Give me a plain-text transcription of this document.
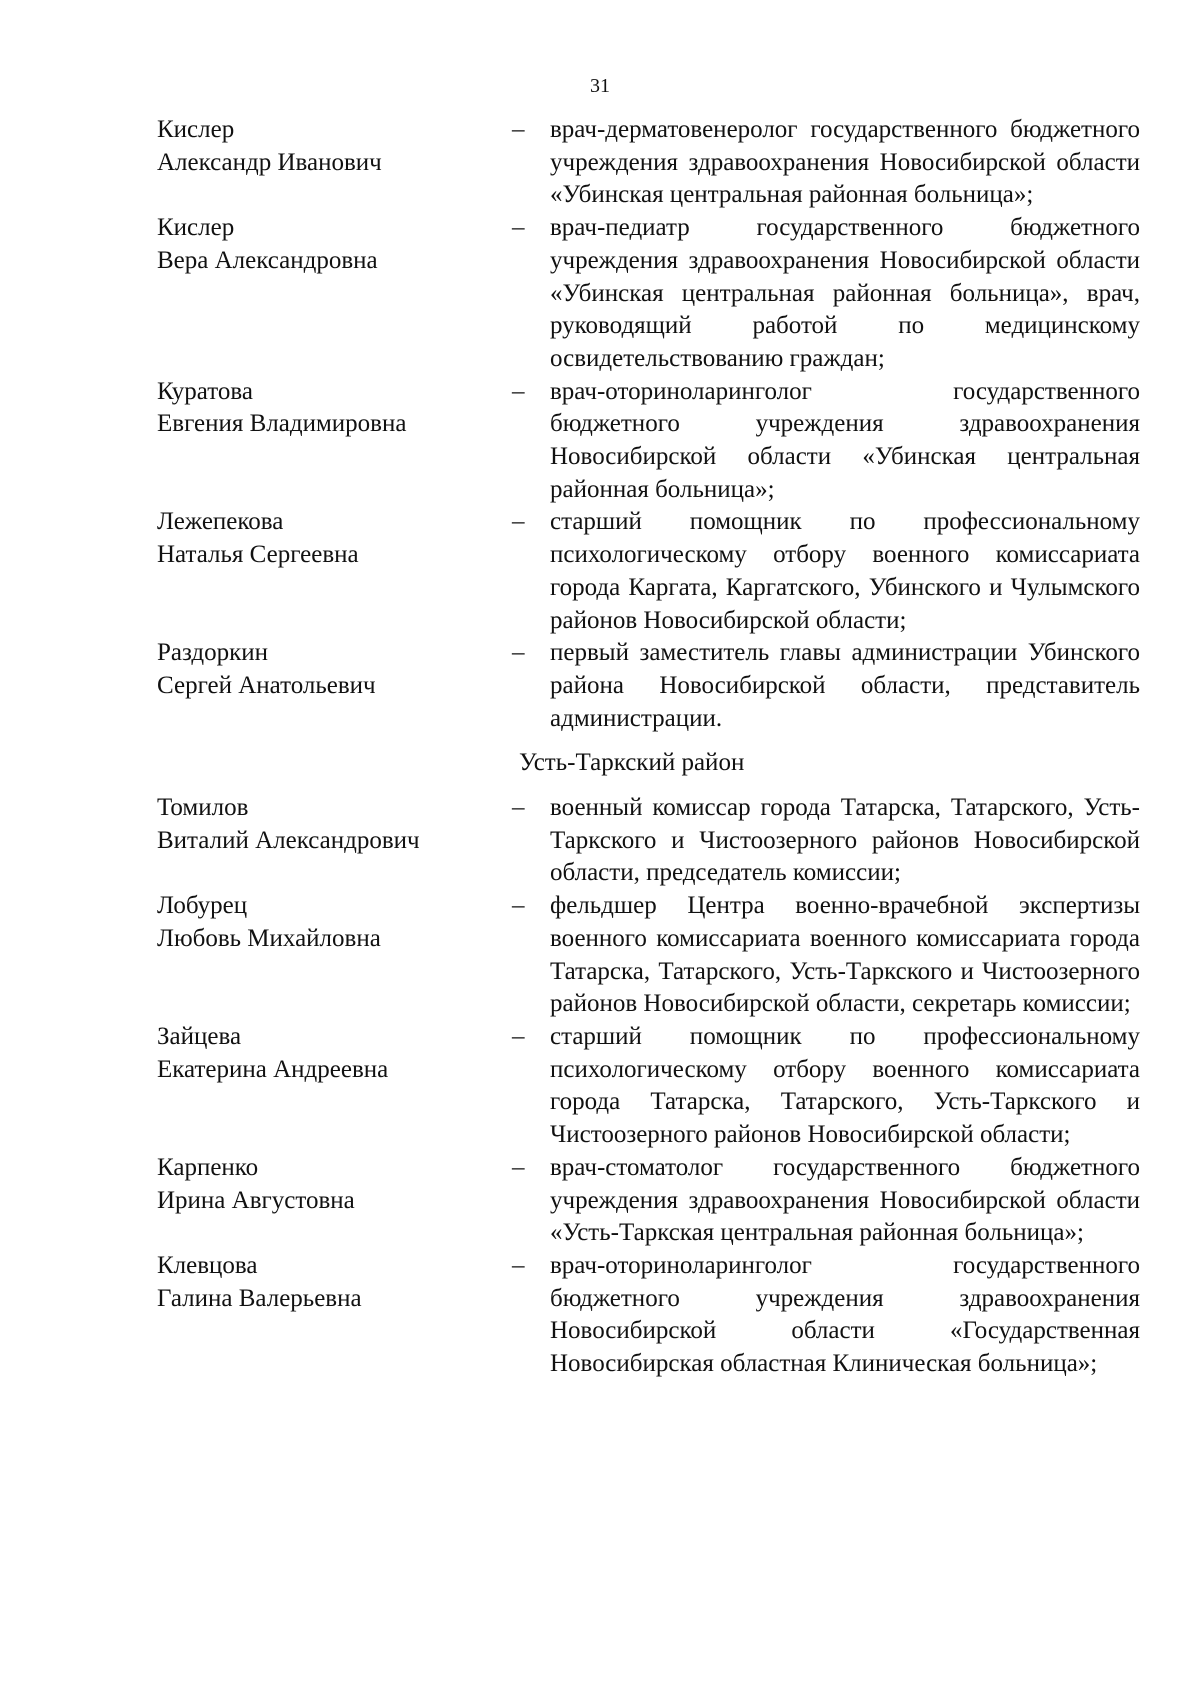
31
Кислер
Александр Иванович
–	врач-дерматовенеролог государственного бюджетного учреждения здравоохранения Новосибирской области «Убинская центральная районная больница»;
Кислер
Вера Александровна
–	врач-педиатр государственного бюджетного учреждения здравоохранения Новосибирской области «Убинская центральная районная больница», врач, руководящий работой по медицинскому освидетельствованию граждан;
Куратова
Евгения Владимировна
–	врач-оториноларинголог государственного бюджетного учреждения здравоохранения Новосибирской области «Убинская центральная районная больница»;
Лежепекова
Наталья Сергеевна
–	старший помощник по профессиональному психологическому отбору военного комиссариата города Каргата, Каргатского, Убинского и Чулымского районов Новосибирской области;
Раздоркин
Сергей Анатольевич
–	первый заместитель главы администрации Убинского района Новосибирской области, представитель администрации.
Усть-Таркский район
Томилов
Виталий Александрович
–	военный комиссар города Татарска, Татарского, Усть-Таркского и Чистоозерного районов Новосибирской области, председатель комиссии;
Лобурец
Любовь Михайловна
–	фельдшер Центра военно-врачебной экспертизы военного комиссариата военного комиссариата города Татарска, Татарского, Усть-Таркского и Чистоозерного районов Новосибирской области, секретарь комиссии;
Зайцева
Екатерина Андреевна
–	старший помощник по профессиональному психологическому отбору военного комиссариата города Татарска, Татарского, Усть-Таркского и Чистоозерного районов Новосибирской области;
Карпенко
Ирина Августовна
–	врач-стоматолог государственного бюджетного учреждения здравоохранения Новосибирской области «Усть-Таркская центральная районная больница»;
Клевцова
Галина Валерьевна
–	врач-оториноларинголог государственного бюджетного учреждения здравоохранения Новосибирской области «Государственная Новосибирская областная Клиническая больница»;
